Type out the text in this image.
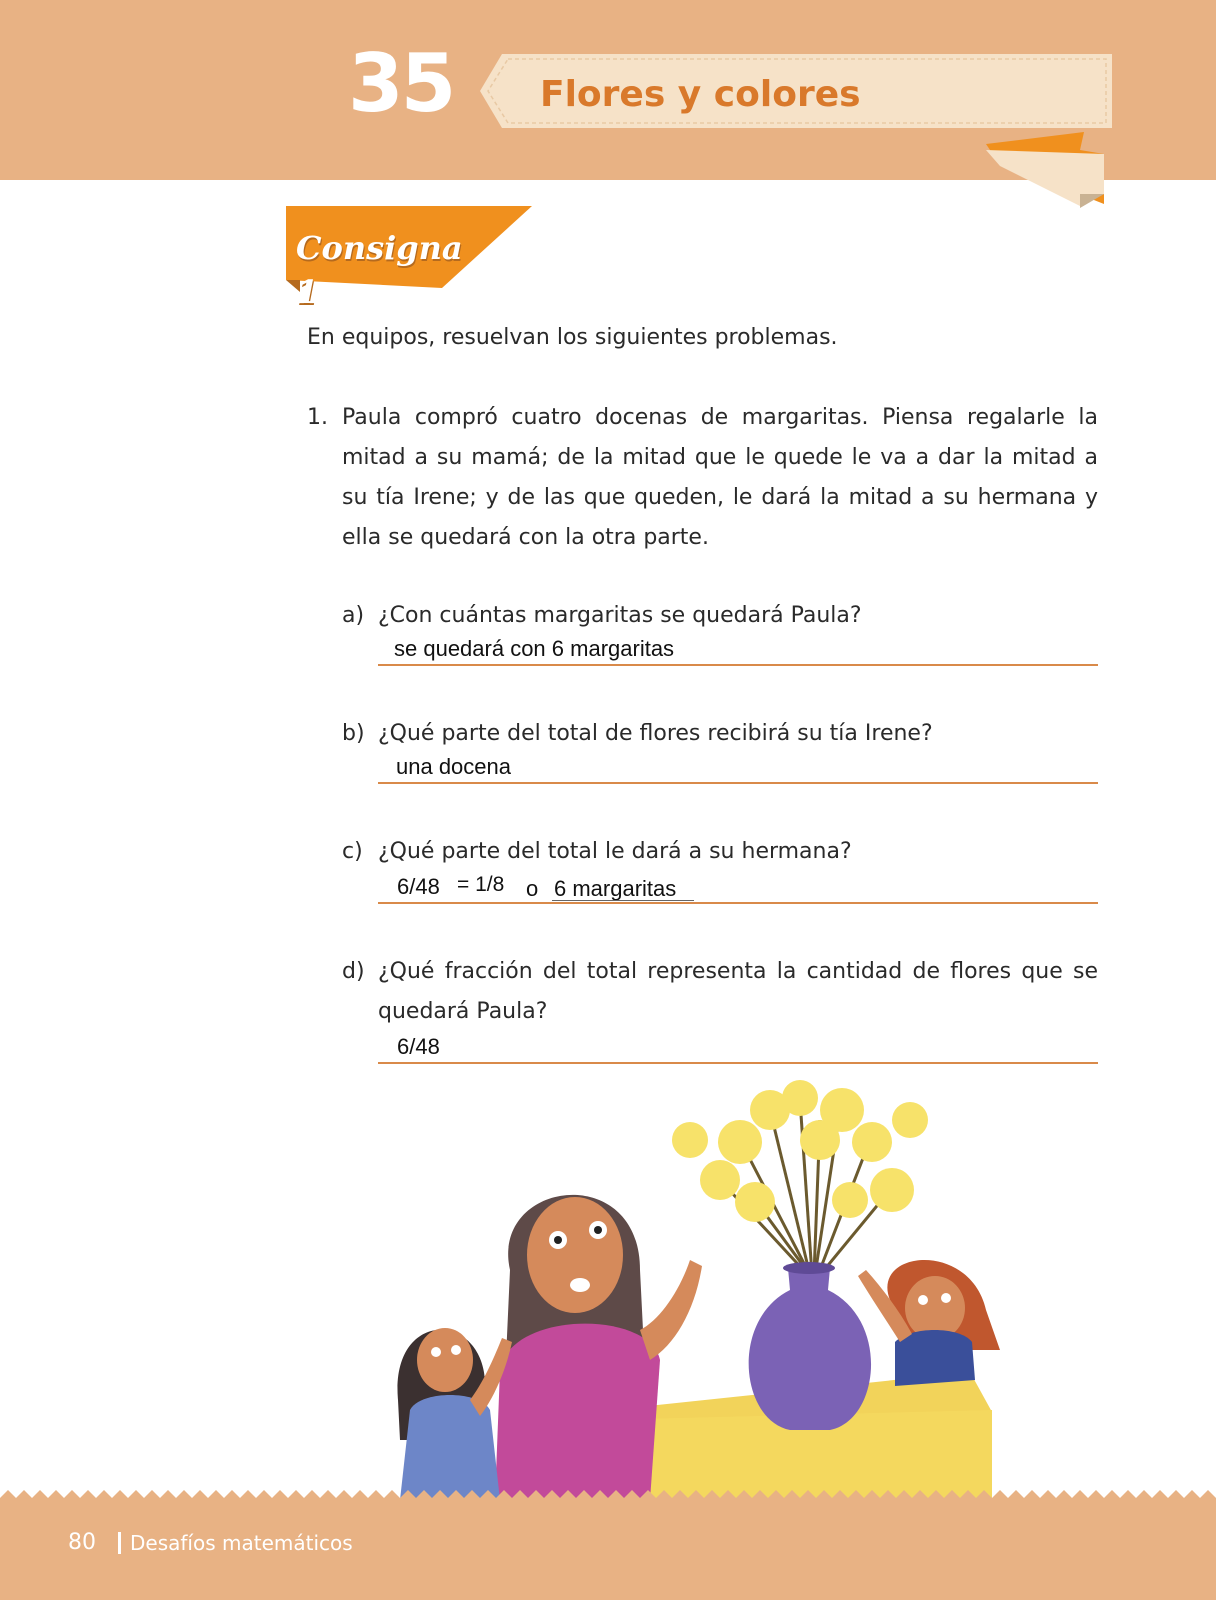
35 Flores y colores
Consigna 1
En equipos, resuelvan los siguientes problemas.
1. Paula compró cuatro docenas de margaritas. Piensa regalarle la mitad a su mamá; de la mitad que le quede le va a dar la mitad a su tía Irene; y de las que queden, le dará la mitad a su hermana y ella se quedará con la otra parte.
a) ¿Con cuántas margaritas se quedará Paula?
se quedará con 6 margaritas
b) ¿Qué parte del total de flores recibirá su tía Irene?
una docena
c) ¿Qué parte del total le dará a su hermana?
6/48 = 1/8 o 6 margaritas
d) ¿Qué fracción del total representa la cantidad de flores que se quedará Paula?
6/48
80 Desafíos matemáticos
